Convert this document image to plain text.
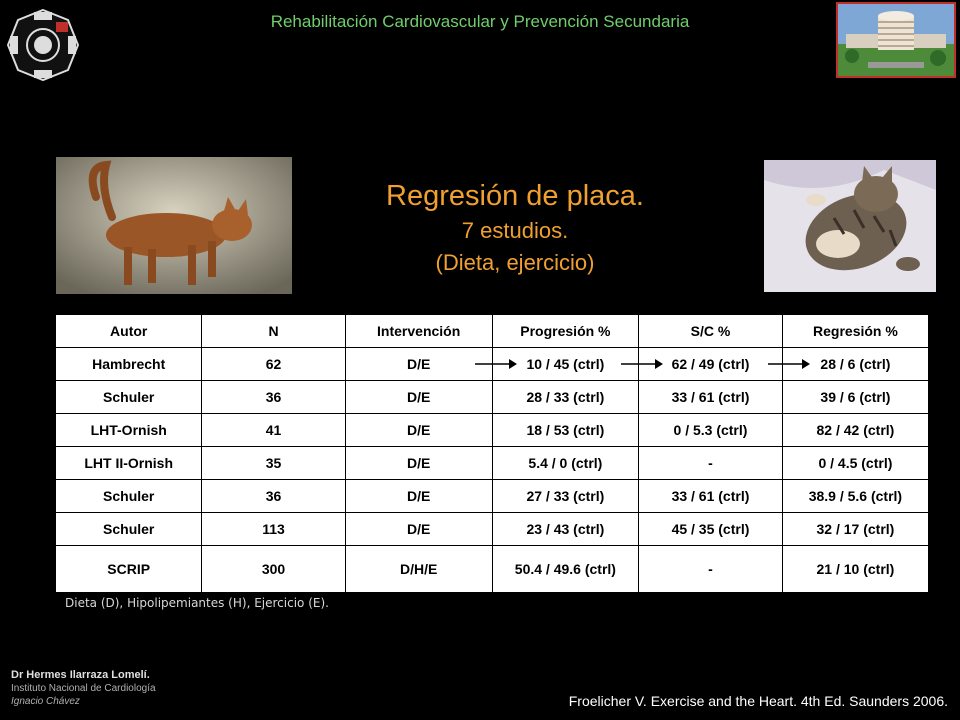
Rehabilitación Cardiovascular y Prevención Secundaria
Regresión de placa.
7 estudios.
(Dieta, ejercicio)
Autor	N	Intervención	Progresión %	S/C %	Regresión %
Hambrecht	62	D/E	10 / 45 (ctrl)	62 / 49 (ctrl)	28 / 6 (ctrl)
Schuler	36	D/E	28 / 33 (ctrl)	33 / 61 (ctrl)	39 / 6 (ctrl)
LHT-Ornish	41	D/E	18 / 53 (ctrl)	0 / 5.3 (ctrl)	82 / 42 (ctrl)
LHT II-Ornish	35	D/E	5.4 / 0 (ctrl)	-	0 / 4.5 (ctrl)
Schuler	36	D/E	27 / 33 (ctrl)	33 / 61 (ctrl)	38.9 / 5.6 (ctrl)
Schuler	113	D/E	23 / 43 (ctrl)	45 / 35 (ctrl)	32 / 17 (ctrl)
SCRIP	300	D/H/E	50.4 / 49.6 (ctrl)	-	21 / 10 (ctrl)
Dieta (D), Hipolipemiantes (H), Ejercicio (E).
Dr Hermes Ilarraza Lomelí.
Instituto Nacional de Cardiología
Ignacio Chávez	Froelicher V. Exercise and the Heart. 4th Ed. Saunders 2006.
